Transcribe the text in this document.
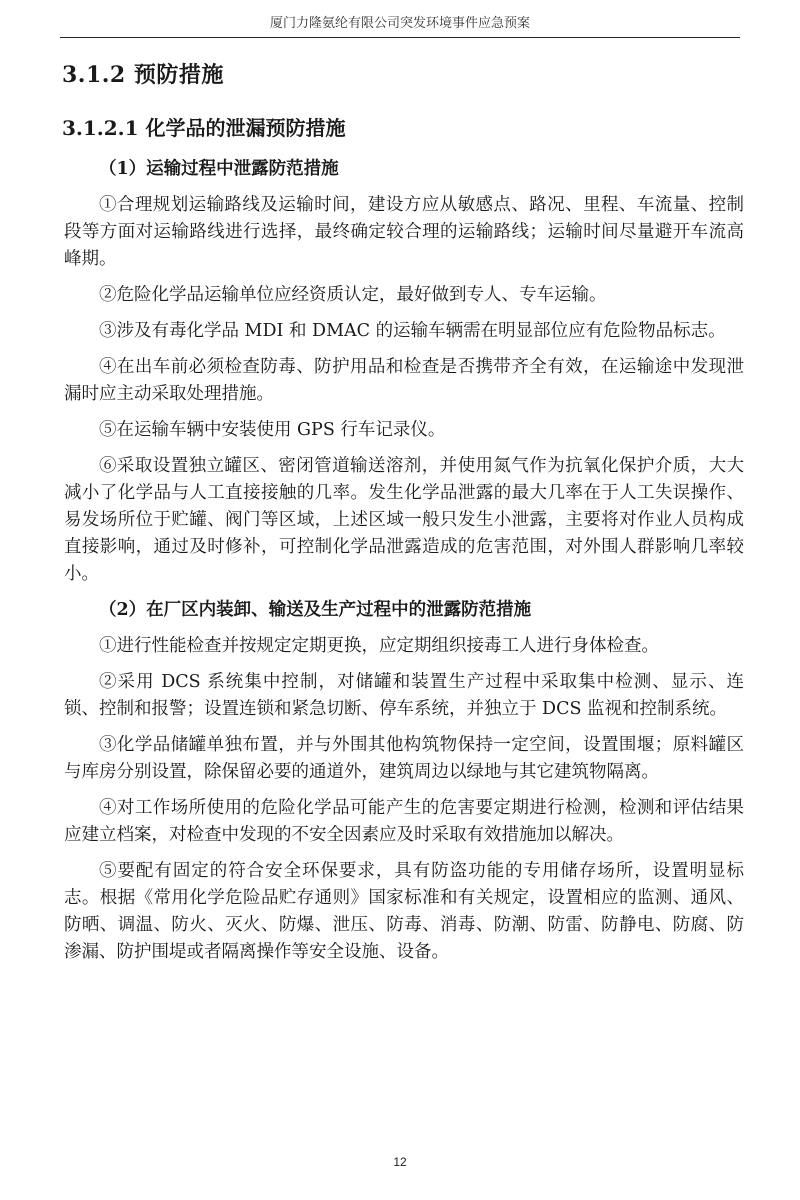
厦门力隆氨纶有限公司突发环境事件应急预案
3.1.2 预防措施
3.1.2.1 化学品的泄漏预防措施

（1）运输过程中泄露防范措施

①合理规划运输路线及运输时间，建设方应从敏感点、路况、里程、车流量、控制段等方面对运输路线进行选择，最终确定较合理的运输路线；运输时间尽量避开车流高峰期。

②危险化学品运输单位应经资质认定，最好做到专人、专车运输。

③涉及有毒化学品 MDI 和 DMAC 的运输车辆需在明显部位应有危险物品标志。

④在出车前必须检查防毒、防护用品和检查是否携带齐全有效，在运输途中发现泄漏时应主动采取处理措施。

⑤在运输车辆中安装使用 GPS 行车记录仪。

⑥采取设置独立罐区、密闭管道输送溶剂，并使用氮气作为抗氧化保护介质，大大减小了化学品与人工直接接触的几率。发生化学品泄露的最大几率在于人工失误操作、易发场所位于贮罐、阀门等区域，上述区域一般只发生小泄露，主要将对作业人员构成直接影响，通过及时修补，可控制化学品泄露造成的危害范围，对外围人群影响几率较小。

（2）在厂区内装卸、输送及生产过程中的泄露防范措施

①进行性能检查并按规定定期更换，应定期组织接毒工人进行身体检查。

②采用 DCS 系统集中控制，对储罐和装置生产过程中采取集中检测、显示、连锁、控制和报警；设置连锁和紧急切断、停车系统，并独立于 DCS 监视和控制系统。

③化学品储罐单独布置，并与外围其他构筑物保持一定空间，设置围堰；原料罐区与库房分别设置，除保留必要的通道外，建筑周边以绿地与其它建筑物隔离。

④对工作场所使用的危险化学品可能产生的危害要定期进行检测，检测和评估结果应建立档案，对检查中发现的不安全因素应及时采取有效措施加以解决。

⑤要配有固定的符合安全环保要求，具有防盗功能的专用储存场所，设置明显标志。根据《常用化学危险品贮存通则》国家标准和有关规定，设置相应的监测、通风、防晒、调温、防火、灭火、防爆、泄压、防毒、消毒、防潮、防雷、防静电、防腐、防渗漏、防护围堤或者隔离操作等安全设施、设备。

12
